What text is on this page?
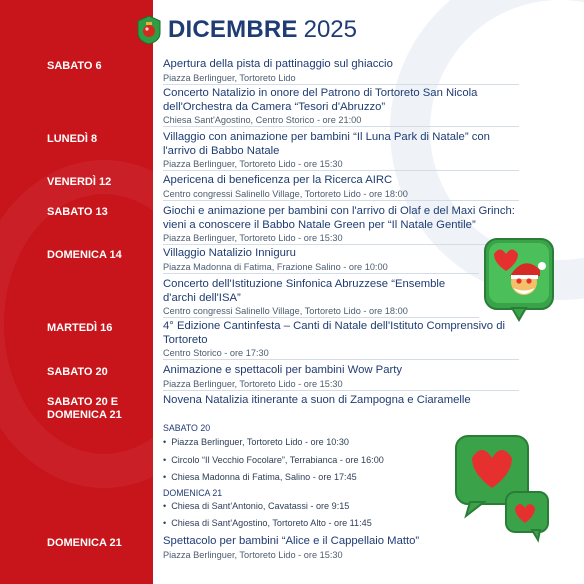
DICEMBRE 2025
SABATO 6	Apertura della pista di pattinaggio sul ghiaccio
Piazza Berlinguer, Tortoreto Lido
Concerto Natalizio in onore del Patrono di Tortoreto San Nicola dell'Orchestra da Camera “Tesori d'Abruzzo”
Chiesa Sant'Agostino, Centro Storico - ore 21:00
LUNEDÌ 8	Villaggio con animazione per bambini “Il Luna Park di Natale” con l'arrivo di Babbo Natale
Piazza Berlinguer, Tortoreto Lido - ore 15:30
VENERDÌ 12	Apericena di beneficenza per la Ricerca AIRC
Centro congressi Salinello Village, Tortoreto Lido - ore 18:00
SABATO 13	Giochi e animazione per bambini con l'arrivo di Olaf e del Maxi Grinch: vieni a conoscere il Babbo Natale Green per “Il Natale Gentile”
Piazza Berlinguer, Tortoreto Lido - ore 15:30
DOMENICA 14	Villaggio Natalizio Inniguru
Piazza Madonna di Fatima, Frazione Salino - ore 10:00
Concerto dell'Istituzione Sinfonica Abruzzese “Ensemble d'archi dell'ISA”
Centro congressi Salinello Village, Tortoreto Lido - ore 18:00
MARTEDÌ 16	4° Edizione Cantinfesta – Canti di Natale dell'Istituto Comprensivo di Tortoreto
Centro Storico - ore 17:30
SABATO 20	Animazione e spettacoli per bambini Wow Party
Piazza Berlinguer, Tortoreto Lido - ore 15:30
SABATO 20 E DOMENICA 21
Novena Natalizia itinerante a suon di Zampogna e Ciaramelle
SABATO 20
• Piazza Berlinguer, Tortoreto Lido - ore 10:30
• Circolo “Il Vecchio Focolare”, Terrabianca - ore 16:00
• Chiesa Madonna di Fatima, Salino - ore 17:45
DOMENICA 21
• Chiesa di Sant'Antonio, Cavatassi - ore 9:15
• Chiesa di Sant'Agostino, Tortoreto Alto - ore 11:45
DOMENICA 21	Spettacolo per bambini “Alice e il Cappellaio Matto”
Piazza Berlinguer, Tortoreto Lido - ore 15:30
